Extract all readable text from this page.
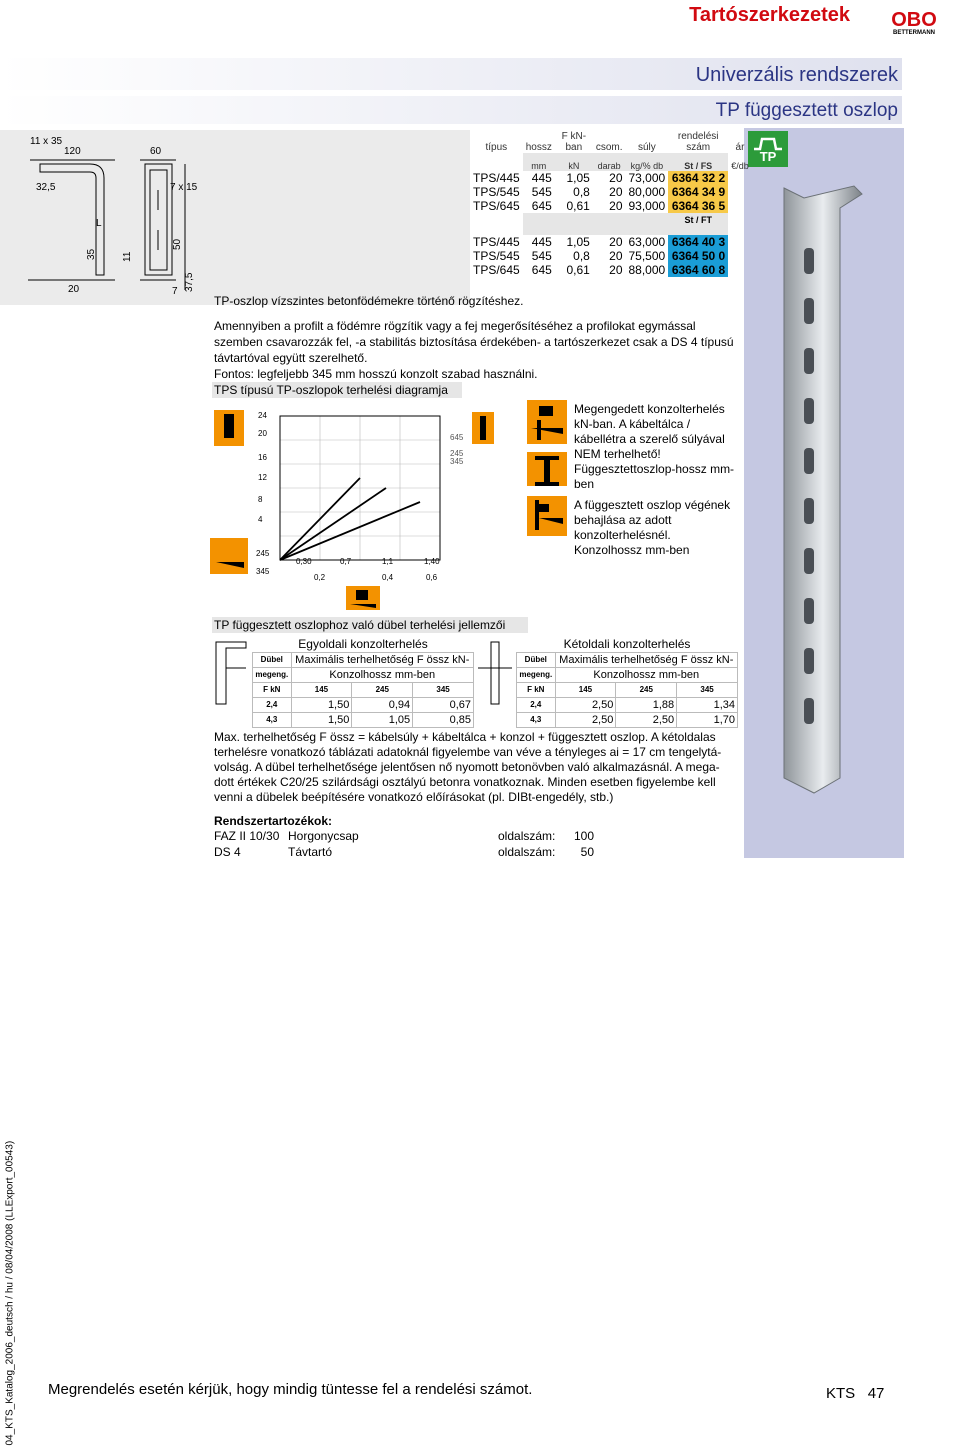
Tartószerkezetek OBO
BETTERMANN
Univerzális rendszerek
TP függesztett oszlop
TP
11 x 35
120	60
32,5	7 x 15
L
35	11
50
20	7 37,5
TP-oszlop vízszintes betonfödémekre történő rögzítéshez.
típus	hossz	F kN-ban	csom.	súly	rendelési szám	ár
	mm	kN	darab	kg/% db	St / FS	€/db
TPS/445	445	1,05	20	73,000	6364 32 2	
TPS/545	545	0,8	20	80,000	6364 34 9	
TPS/645	645	0,61	20	93,000	6364 36 5	
					St / FT	

TPS/445	445	1,05	20	63,000	6364 40 3	
TPS/545	545	0,8	20	75,500	6364 50 0	
TPS/645	645	0,61	20	88,000	6364 60 8	
Amennyiben a profilt a födémre rögzítik vagy a fej megerősítéséhez a profilokat egymással
szemben csavarozzák fel, -a stabilitás biztosítása érdekében- a tartószerkezet csak a DS 4 típusú
távtartóval együtt szerelhető.
Fontos: legfeljebb 345 mm hosszú konzolt szabad használni.
TPS típusú TP-oszlopok terhelési diagramja
24
20
16
12
8
4
245
345
0,30	0,7	1,1	1,40
0,2	0,4	0,6
645
245
345
Megengedett konzolterhelés
kN-ban. A kábeltálca /
kábellétra a szerelő súlyával
NEM terhelhető!
Függesztettoszlop-hossz mm-
ben
A függesztett oszlop végének
behajlása az adott
konzolterhelésnél.
Konzolhossz mm-ben
TP függesztett oszlophoz való dübel terhelési jellemzői
	Egyoldali konzolterhelés			
	Dübel	Maximális terhelhetőség F össz kN-		
	megeng.	Konzolhossz mm-ben		
	F kN	145	245	345
	2,4	1,50	0,94	0,67
	4,3	1,50	1,05	0,85
	Kétoldali konzolterhelés			
	Dübel	Maximális terhelhetőség F össz kN-		
	megeng.	Konzolhossz mm-ben		
	F kN	145	245	345
	2,4	2,50	1,88	1,34
	4,3	2,50	2,50	1,70
Max. terhelhetőség F össz = kábelsúly + kábeltálca + konzol + függesztett oszlop. A kétoldalas
terhelésre vonatkozó táblázati adatoknál figyelembe van véve a tényleges ai = 17 cm tengelytá-
volság. A dübel terhelhetősége jelentősen nő nyomott betonövben való alkalmazásnál. A mega-
dott értékek C20/25 szilárdsági osztályú betonra vonatkoznak. Minden esetben figyelembe kell
venni a dübelek beépítésére vonatkozó előírásokat (pl. DIBt-engedély, stb.)
Rendszertartozékok:
FAZ II 10/30	Horgonycsap	oldalszám:	100
DS 4	Távtartó	oldalszám:	50
Megrendelés esetén kérjük, hogy mindig tüntesse fel a rendelési számot.	KTS 47
04_KTS_Katalog_2006_deutsch / hu / 08/04/2008 (LLExport_00543)
